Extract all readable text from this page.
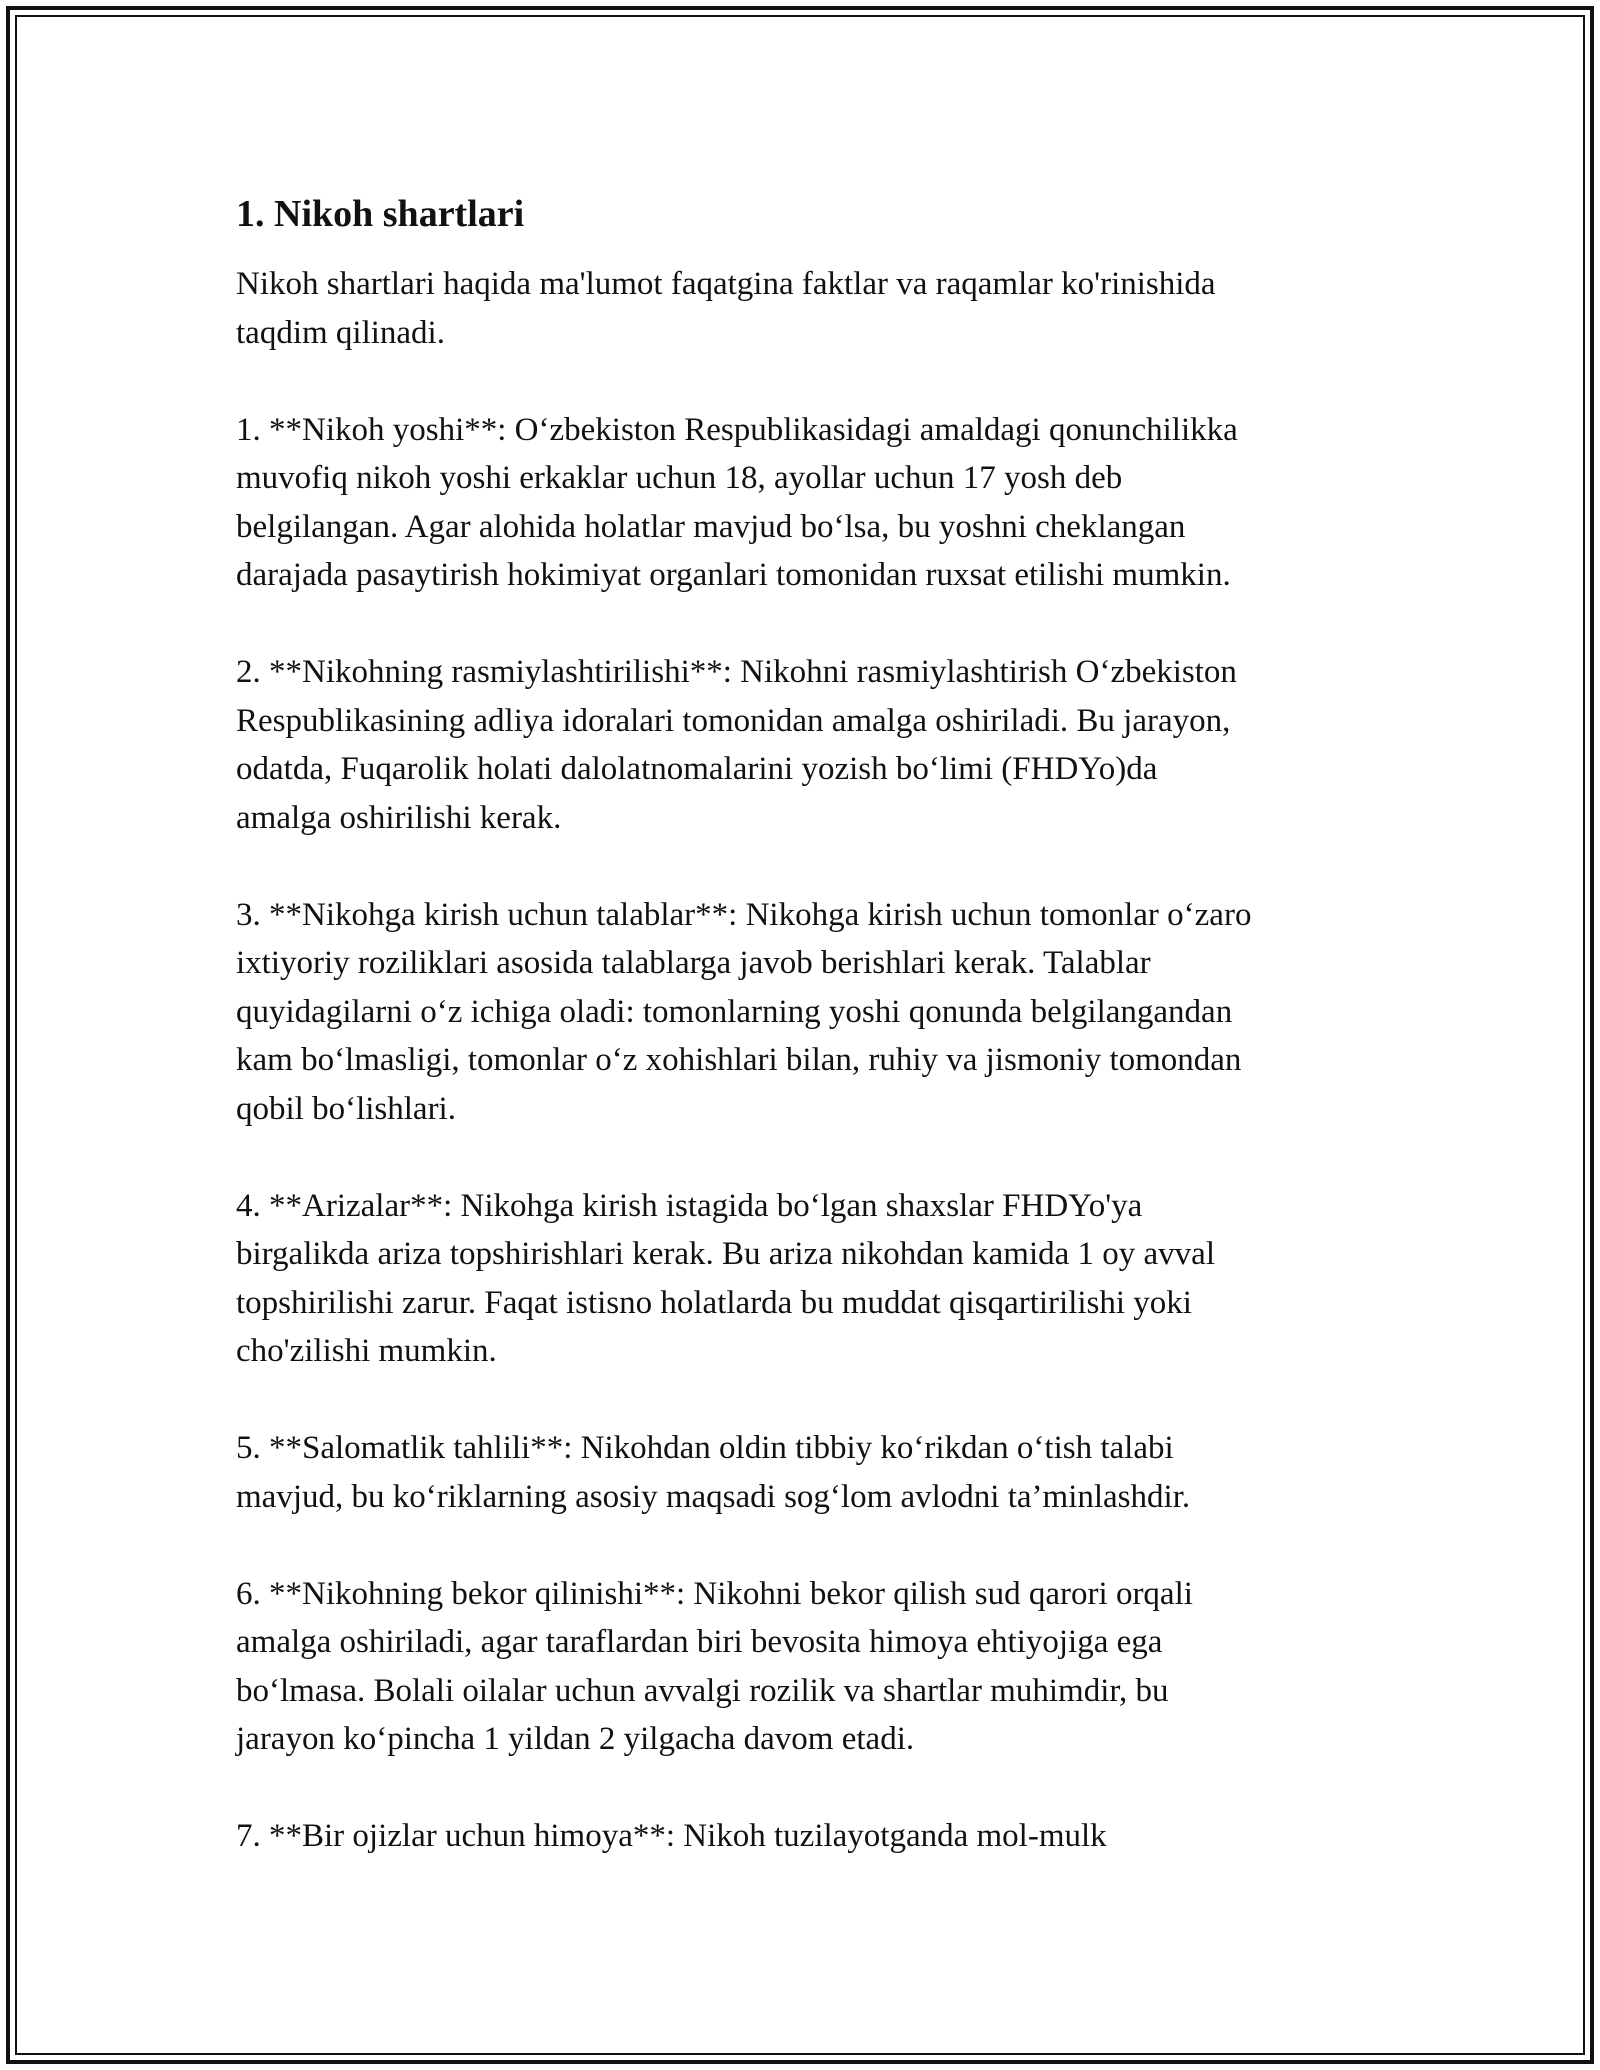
1. Nikoh shartlari

Nikoh shartlari haqida ma'lumot faqatgina faktlar va raqamlar ko'rinishida
taqdim qilinadi.

1. **Nikoh yoshi**: O‘zbekiston Respublikasidagi amaldagi qonunchilikka
muvofiq nikoh yoshi erkaklar uchun 18, ayollar uchun 17 yosh deb
belgilangan. Agar alohida holatlar mavjud bo‘lsa, bu yoshni cheklangan
darajada pasaytirish hokimiyat organlari tomonidan ruxsat etilishi mumkin.

2. **Nikohning rasmiylashtirilishi**: Nikohni rasmiylashtirish O‘zbekiston
Respublikasining adliya idoralari tomonidan amalga oshiriladi. Bu jarayon,
odatda, Fuqarolik holati dalolatnomalarini yozish bo‘limi (FHDYo)da
amalga oshirilishi kerak.

3. **Nikohga kirish uchun talablar**: Nikohga kirish uchun tomonlar o‘zaro
ixtiyoriy roziliklari asosida talablarga javob berishlari kerak. Talablar
quyidagilarni o‘z ichiga oladi: tomonlarning yoshi qonunda belgilangandan
kam bo‘lmasligi, tomonlar o‘z xohishlari bilan, ruhiy va jismoniy tomondan
qobil bo‘lishlari.

4. **Arizalar**: Nikohga kirish istagida bo‘lgan shaxslar FHDYo'ya
birgalikda ariza topshirishlari kerak. Bu ariza nikohdan kamida 1 oy avval
topshirilishi zarur. Faqat istisno holatlarda bu muddat qisqartirilishi yoki
cho'zilishi mumkin.

5. **Salomatlik tahlili**: Nikohdan oldin tibbiy ko‘rikdan o‘tish talabi
mavjud, bu ko‘riklarning asosiy maqsadi sog‘lom avlodni ta’minlashdir.

6. **Nikohning bekor qilinishi**: Nikohni bekor qilish sud qarori orqali
amalga oshiriladi, agar taraflardan biri bevosita himoya ehtiyojiga ega
bo‘lmasa. Bolali oilalar uchun avvalgi rozilik va shartlar muhimdir, bu
jarayon ko‘pincha 1 yildan 2 yilgacha davom etadi.

7. **Bir ojizlar uchun himoya**: Nikoh tuzilayotganda mol-mulk
